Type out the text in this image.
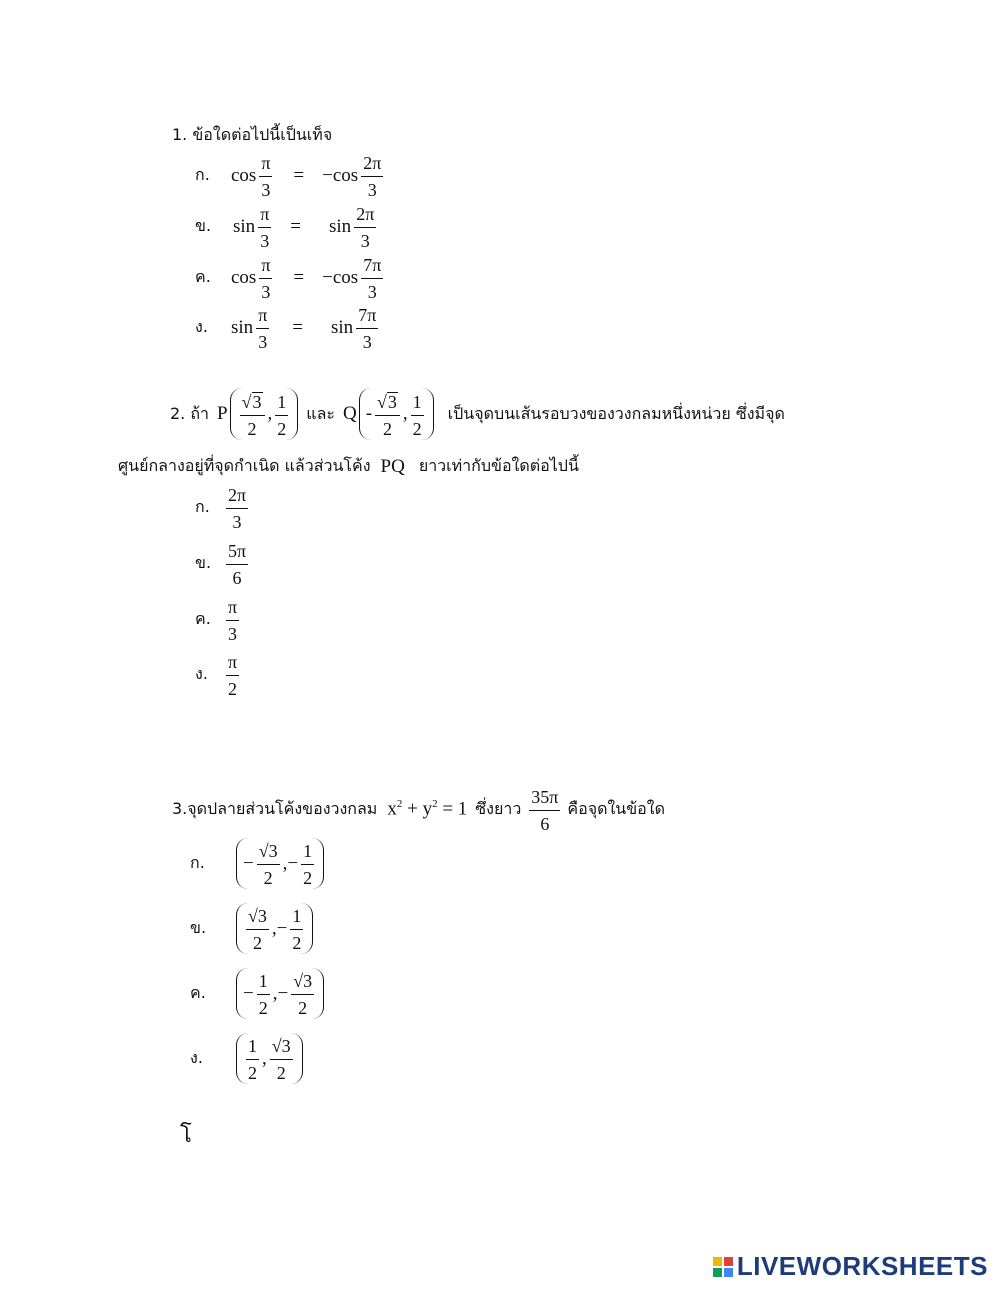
1. ข้อใดต่อไปนี้เป็นเท็จ
ก.	$\cos \frac{\pi}{3} = -\cos \frac{2\pi}{3}$
ข.	$\sin \frac{\pi}{3} = \sin \frac{2\pi}{3}$
ค.	$\cos \frac{\pi}{3} = -\cos \frac{7\pi}{3}$
ง.	$\sin \frac{\pi}{3} = \sin \frac{7\pi}{3}$
2. ถ้า P $\frac{√ 3}{2}$ , $\frac{1}{2}$ และ Q - $\frac{√ 3}{2}$ , $\frac{1}{2}$ เป็นจุดบนเส้นรอบวงของวงกลมหนึ่งหน่วย ซึ่งมีจุด
ศูนย์กลางอยู่ที่จุดกำเนิด แล้วส่วนโค้ง PQ ยาวเท่ากับข้อใดต่อไปนี้
ก. $\frac{2\pi}{3}$
ข. $\frac{5\pi}{6}$
ค. $\frac{\pi}{3}$
ง.	$\frac{\pi}{2}$
3.จุดปลายส่วนโค้งของวงกลม $x^2 + y^2 = 1$ ซึ่งยาว $\frac{35\pi}{6}$ คือจุดในข้อใด
ก.	− $\frac{√3}{2}$ , − $\frac{1}{2}$
ข.	$\frac{√3}{2}$ , − $\frac{1}{2}$
ค.	− $\frac{1}{2}$ , − $\frac{√3}{2}$
ง.	$\frac{1}{2}$ , $\frac{√3}{2}$
โ
LIVEWORKSHEETS
